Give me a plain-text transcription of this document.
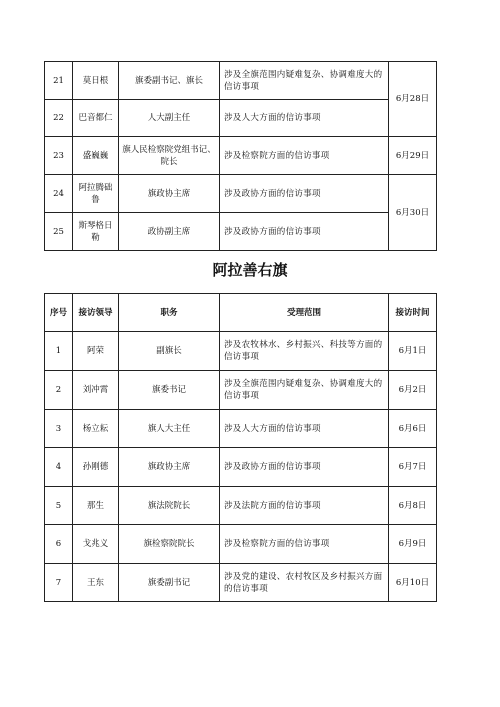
21	莫日根	旗委副书记、旗长	涉及全旗范围内疑难复杂、协调难度大的信访事项	6月28日
22	巴音都仁	人大副主任	涉及人大方面的信访事项	
23	盛巍巍	旗人民检察院党组书记、院长	涉及检察院方面的信访事项	6月29日
24	阿拉腾础鲁	旗政协主席	涉及政协方面的信访事项	6月30日
25	斯琴格日勒	政协副主席	涉及政协方面的信访事项	
阿拉善右旗
序号	接访领导	职务	受理范围	接访时间
1	阿荣	副旗长	涉及农牧林水、乡村振兴、科技等方面的信访事项	6月1日
2	刘冲霄	旗委书记	涉及全旗范围内疑难复杂、协调难度大的信访事项	6月2日
3	杨立耘	旗人大主任	涉及人大方面的信访事项	6月6日
4	孙刚德	旗政协主席	涉及政协方面的信访事项	6月7日
5	那生	旗法院院长	涉及法院方面的信访事项	6月8日
6	戈兆义	旗检察院院长	涉及检察院方面的信访事项	6月9日
7	王东	旗委副书记	涉及党的建设、农村牧区及乡村振兴方面的信访事项	6月10日
